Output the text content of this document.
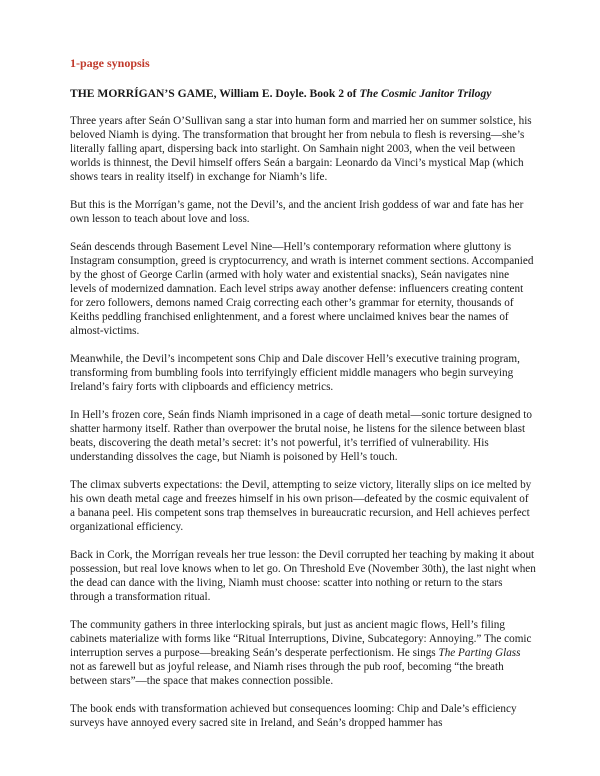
1-page synopsis
THE MORRÍGAN’S GAME, William E. Doyle. Book 2 of The Cosmic Janitor Trilogy

Three years after Seán O’Sullivan sang a star into human form and married her on summer solstice, his beloved Niamh is dying. The transformation that brought her from nebula to flesh is reversing—she’s literally falling apart, dispersing back into starlight. On Samhain night 2003, when the veil between worlds is thinnest, the Devil himself offers Seán a bargain: Leonardo da Vinci’s mystical Map (which shows tears in reality itself) in exchange for Niamh’s life.

But this is the Morrígan’s game, not the Devil’s, and the ancient Irish goddess of war and fate has her own lesson to teach about love and loss.

Seán descends through Basement Level Nine—Hell’s contemporary reformation where gluttony is Instagram consumption, greed is cryptocurrency, and wrath is internet comment sections. Accompanied by the ghost of George Carlin (armed with holy water and existential snacks), Seán navigates nine levels of modernized damnation. Each level strips away another defense: influencers creating content for zero followers, demons named Craig correcting each other’s grammar for eternity, thousands of Keiths peddling franchised enlightenment, and a forest where unclaimed knives bear the names of almost-victims.

Meanwhile, the Devil’s incompetent sons Chip and Dale discover Hell’s executive training program, transforming from bumbling fools into terrifyingly efficient middle managers who begin surveying Ireland’s fairy forts with clipboards and efficiency metrics.

In Hell’s frozen core, Seán finds Niamh imprisoned in a cage of death metal—sonic torture designed to shatter harmony itself. Rather than overpower the brutal noise, he listens for the silence between blast beats, discovering the death metal’s secret: it’s not powerful, it’s terrified of vulnerability. His understanding dissolves the cage, but Niamh is poisoned by Hell’s touch.

The climax subverts expectations: the Devil, attempting to seize victory, literally slips on ice melted by his own death metal cage and freezes himself in his own prison—defeated by the cosmic equivalent of a banana peel. His competent sons trap themselves in bureaucratic recursion, and Hell achieves perfect organizational efficiency.

Back in Cork, the Morrígan reveals her true lesson: the Devil corrupted her teaching by making it about possession, but real love knows when to let go. On Threshold Eve (November 30th), the last night when the dead can dance with the living, Niamh must choose: scatter into nothing or return to the stars through a transformation ritual.

The community gathers in three interlocking spirals, but just as ancient magic flows, Hell’s filing cabinets materialize with forms like “Ritual Interruptions, Divine, Subcategory: Annoying.” The comic interruption serves a purpose—breaking Seán’s desperate perfectionism. He sings The Parting Glass not as farewell but as joyful release, and Niamh rises through the pub roof, becoming “the breath between stars”—the space that makes connection possible.

The book ends with transformation achieved but consequences looming: Chip and Dale’s efficiency surveys have annoyed every sacred site in Ireland, and Seán’s dropped hammer has
